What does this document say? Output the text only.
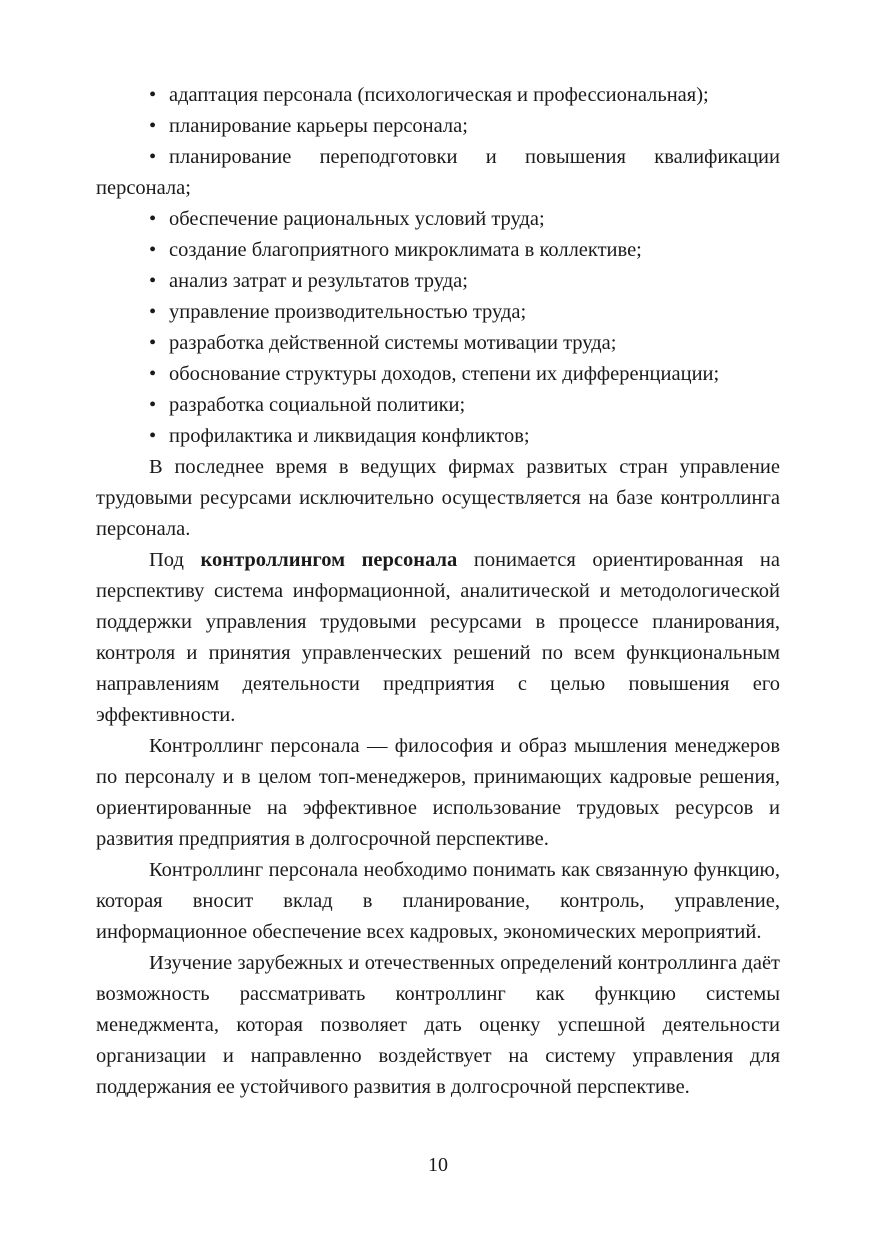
• адаптация персонала (психологическая и профессиональная);
• планирование карьеры персонала;
• планирование переподготовки и повышения квалификации персонала;
• обеспечение рациональных условий труда;
• создание благоприятного микроклимата в коллективе;
• анализ затрат и результатов труда;
• управление производительностью труда;
• разработка действенной системы мотивации труда;
• обоснование структуры доходов, степени их дифференциации;
• разработка социальной политики;
• профилактика и ликвидация конфликтов;

В последнее время в ведущих фирмах развитых стран управление трудовыми ресурсами исключительно осуществляется на базе контроллинга персонала.

Под контроллингом персонала понимается ориентированная на перспективу система информационной, аналитической и методологической поддержки управления трудовыми ресурсами в процессе планирования, контроля и принятия управленческих решений по всем функциональным направлениям деятельности предприятия с целью повышения его эффективности.

Контроллинг персонала — философия и образ мышления менеджеров по персоналу и в целом топ-менеджеров, принимающих кадровые решения, ориентированные на эффективное использование трудовых ресурсов и развития предприятия в долгосрочной перспективе.

Контроллинг персонала необходимо понимать как связанную функцию, которая вносит вклад в планирование, контроль, управление, информационное обеспечение всех кадровых, экономических мероприятий.

Изучение зарубежных и отечественных определений контроллинга даёт возможность рассматривать контроллинг как функцию системы менеджмента, которая позволяет дать оценку успешной деятельности организации и направленно воздействует на систему управления для поддержания ее устойчивого развития в долгосрочной перспективе.

10
